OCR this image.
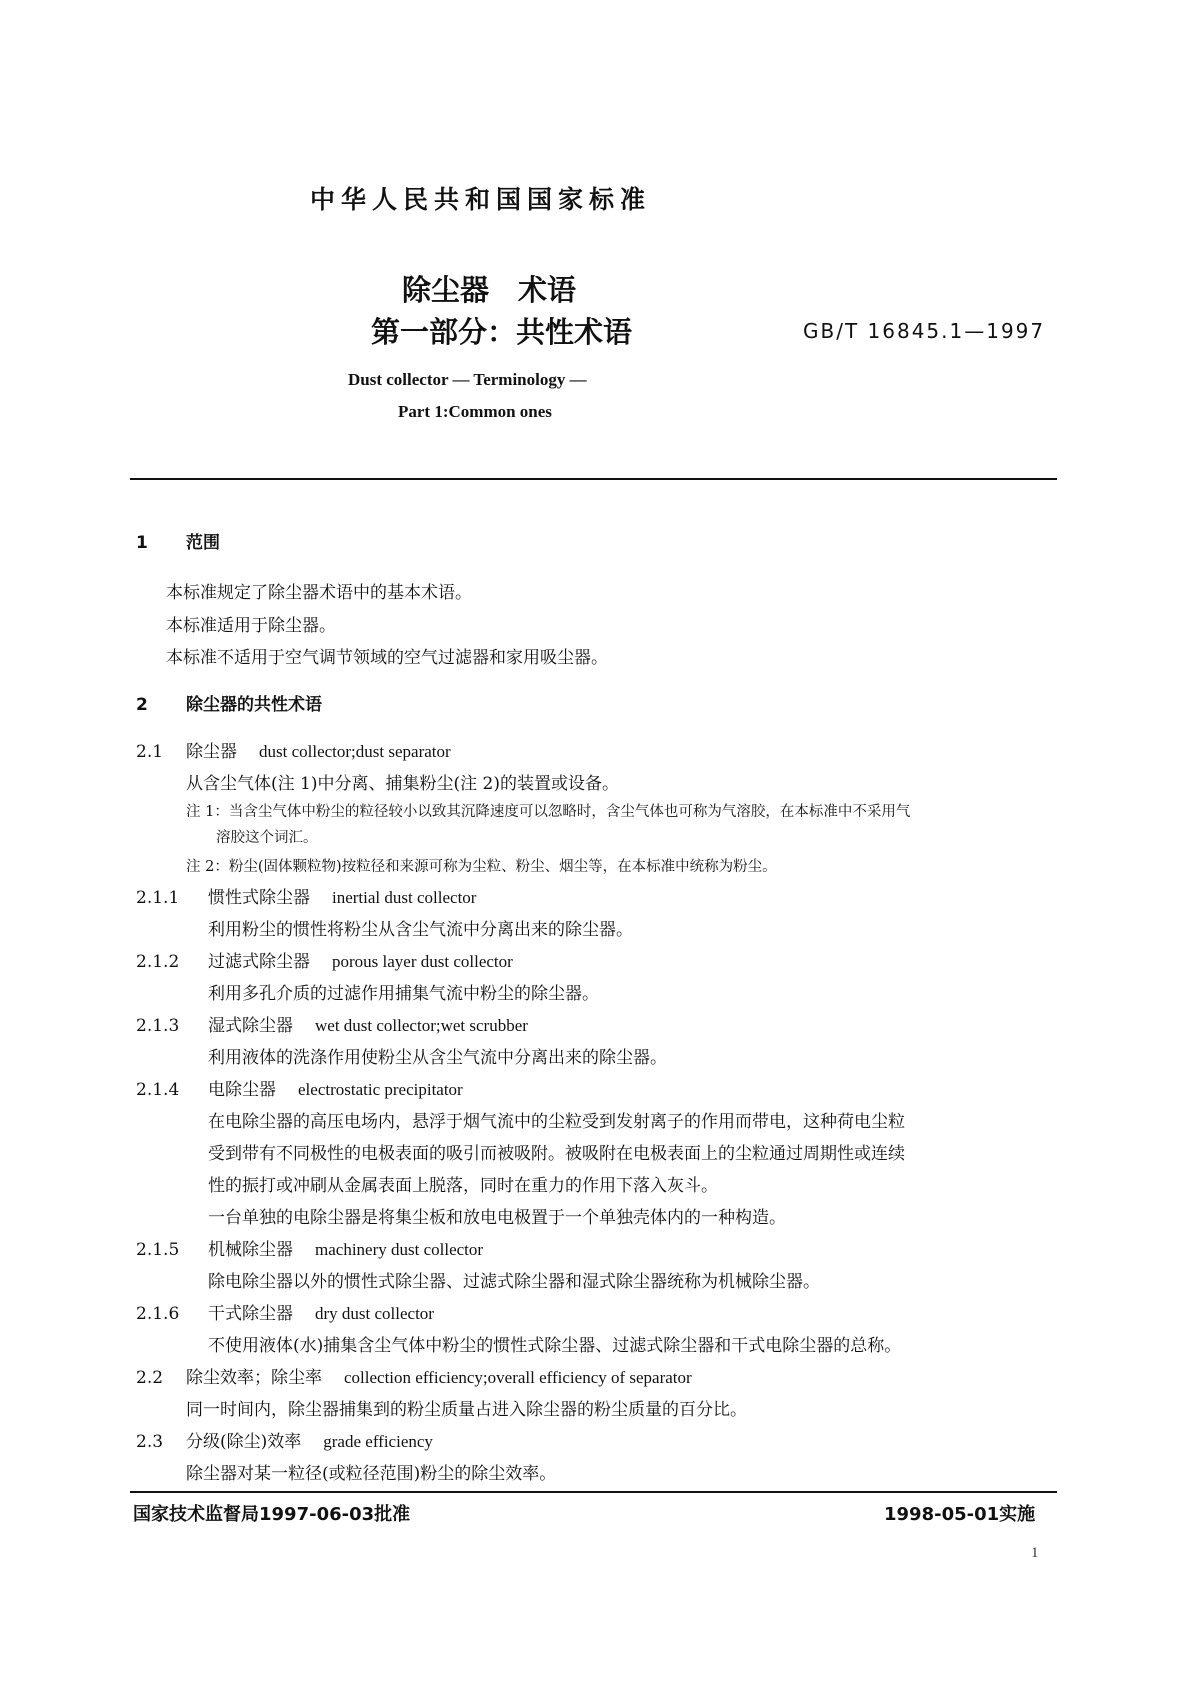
中华人民共和国国家标准
除尘器　术语
第一部分：共性术语	GB/T 16845.1—1997
Dust collector — Terminology —
Part 1:Common ones
1 范围
本标准规定了除尘器术语中的基本术语。
本标准适用于除尘器。
本标准不适用于空气调节领域的空气过滤器和家用吸尘器。
2 除尘器的共性术语
2.1 除尘器 dust collector;dust separator
从含尘气体(注 1)中分离、捕集粉尘(注 2)的装置或设备。
注 1：当含尘气体中粉尘的粒径较小以致其沉降速度可以忽略时，含尘气体也可称为气溶胶，在本标准中不采用气
溶胶这个词汇。
注 2：粉尘(固体颗粒物)按粒径和来源可称为尘粒、粉尘、烟尘等，在本标准中统称为粉尘。
2.1.1 惯性式除尘器 inertial dust collector
利用粉尘的惯性将粉尘从含尘气流中分离出来的除尘器。
2.1.2 过滤式除尘器 porous layer dust collector
利用多孔介质的过滤作用捕集气流中粉尘的除尘器。
2.1.3 湿式除尘器 wet dust collector;wet scrubber
利用液体的洗涤作用使粉尘从含尘气流中分离出来的除尘器。
2.1.4 电除尘器 electrostatic precipitator
在电除尘器的高压电场内，悬浮于烟气流中的尘粒受到发射离子的作用而带电，这种荷电尘粒
受到带有不同极性的电极表面的吸引而被吸附。被吸附在电极表面上的尘粒通过周期性或连续
性的振打或冲刷从金属表面上脱落，同时在重力的作用下落入灰斗。
一台单独的电除尘器是将集尘板和放电电极置于一个单独壳体内的一种构造。
2.1.5 机械除尘器 machinery dust collector
除电除尘器以外的惯性式除尘器、过滤式除尘器和湿式除尘器统称为机械除尘器。
2.1.6 干式除尘器 dry dust collector
不使用液体(水)捕集含尘气体中粉尘的惯性式除尘器、过滤式除尘器和干式电除尘器的总称。
2.2 除尘效率；除尘率 collection efficiency;overall efficiency of separator
同一时间内，除尘器捕集到的粉尘质量占进入除尘器的粉尘质量的百分比。
2.3 分级(除尘)效率 grade efficiency
除尘器对某一粒径(或粒径范围)粉尘的除尘效率。
国家技术监督局1997-06-03批准	1998-05-01实施
1
